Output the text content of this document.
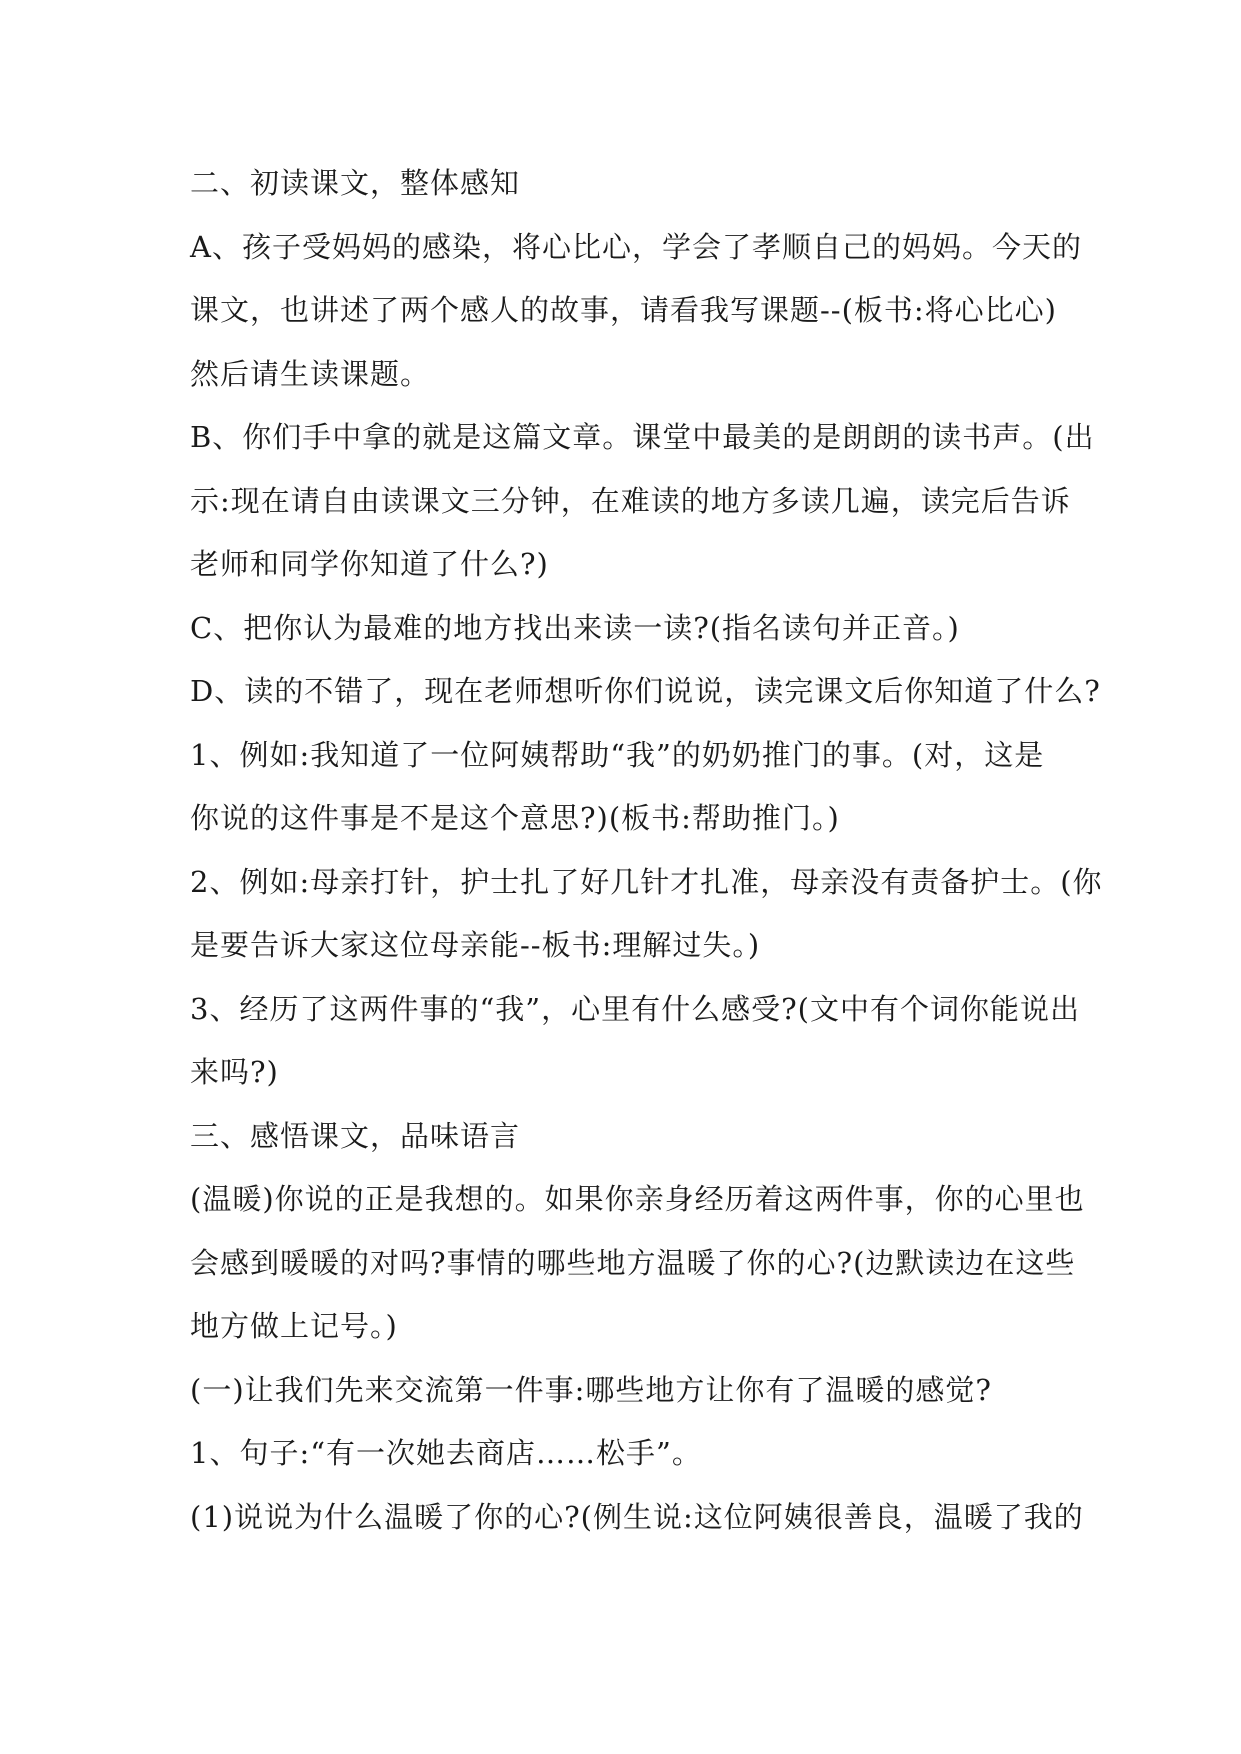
二、初读课文，整体感知
A、孩子受妈妈的感染，将心比心，学会了孝顺自己的妈妈。今天的
课文，也讲述了两个感人的故事，请看我写课题--(板书:将心比心)
然后请生读课题。
B、你们手中拿的就是这篇文章。课堂中最美的是朗朗的读书声。(出
示:现在请自由读课文三分钟，在难读的地方多读几遍，读完后告诉
老师和同学你知道了什么?)
C、把你认为最难的地方找出来读一读?(指名读句并正音。)
D、读的不错了，现在老师想听你们说说，读完课文后你知道了什么?
1、例如:我知道了一位阿姨帮助“我”的奶奶推门的事。(对，这是
你说的这件事是不是这个意思?)(板书:帮助推门。)
2、例如:母亲打针，护士扎了好几针才扎准，母亲没有责备护士。(你
是要告诉大家这位母亲能--板书:理解过失。)
3、经历了这两件事的“我”，心里有什么感受?(文中有个词你能说出
来吗?)
三、感悟课文，品味语言
(温暖)你说的正是我想的。如果你亲身经历着这两件事，你的心里也
会感到暖暖的对吗?事情的哪些地方温暖了你的心?(边默读边在这些
地方做上记号。)
(一)让我们先来交流第一件事:哪些地方让你有了温暖的感觉?
1、句子:“有一次她去商店……松手”。
(1)说说为什么温暖了你的心?(例生说:这位阿姨很善良，温暖了我的
